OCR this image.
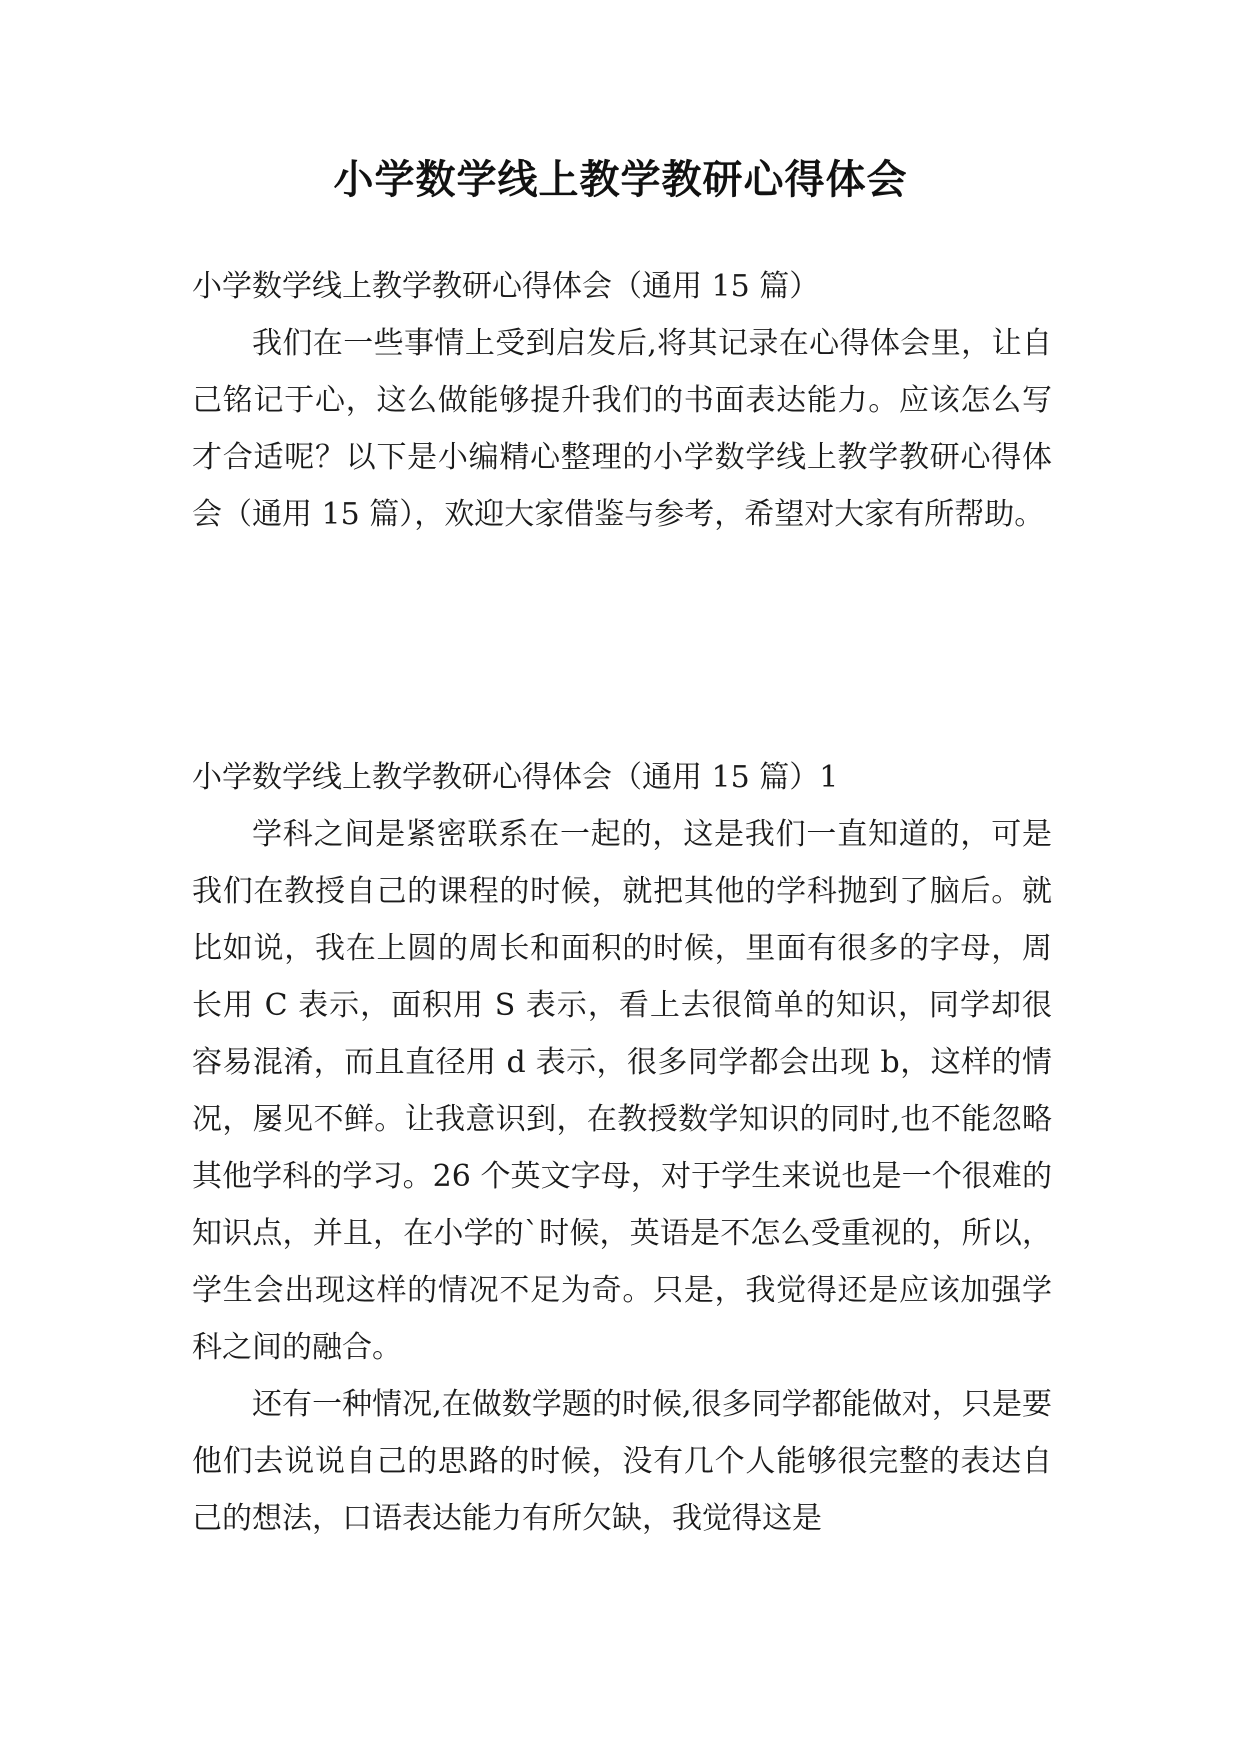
小学数学线上教学教研心得体会

小学数学线上教学教研心得体会（通用 15 篇）

我们在一些事情上受到启发后,将其记录在心得体会里，让自己铭记于心，这么做能够提升我们的书面表达能力。应该怎么写才合适呢？以下是小编精心整理的小学数学线上教学教研心得体会（通用 15 篇），欢迎大家借鉴与参考，希望对大家有所帮助。

小学数学线上教学教研心得体会（通用 15 篇）1

学科之间是紧密联系在一起的，这是我们一直知道的，可是我们在教授自己的课程的时候，就把其他的学科抛到了脑后。就比如说，我在上圆的周长和面积的时候，里面有很多的字母，周长用 C 表示，面积用 S 表示，看上去很简单的知识，同学却很容易混淆，而且直径用 d 表示，很多同学都会出现 b，这样的情况，屡见不鲜。让我意识到，在教授数学知识的同时,也不能忽略其他学科的学习。26 个英文字母，对于学生来说也是一个很难的知识点，并且，在小学的`时候，英语是不怎么受重视的，所以，学生会出现这样的情况不足为奇。只是，我觉得还是应该加强学科之间的融合。

还有一种情况,在做数学题的时候,很多同学都能做对，只是要他们去说说自己的思路的时候，没有几个人能够很完整的表达自己的想法，口语表达能力有所欠缺，我觉得这是
